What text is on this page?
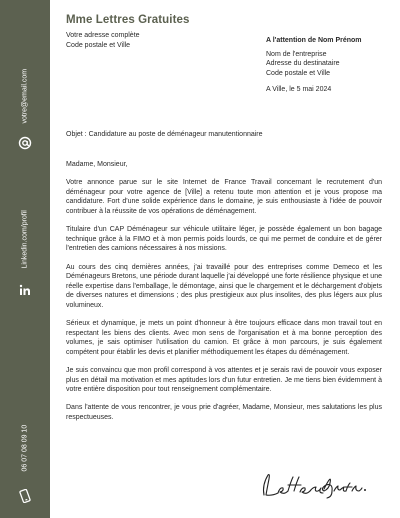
votre@email.com
Linkedin.com/profil
06 07 08 09 10
Mme Lettres Gratuites
Votre adresse complète
Code postale et Ville
A l'attention de Nom Prénom
Nom de l'entreprise
Adresse du destinataire
Code postale et Ville
A Ville, le 5 mai 2024
Objet : Candidature au poste de déménageur manutentionnaire

Madame, Monsieur,

Votre annonce parue sur le site Internet de France Travail concernant le recrutement d'un déménageur pour votre agence de [Ville] a retenu toute mon attention et je vous propose ma candidature. Fort d'une solide expérience dans le domaine, je suis enthousiaste à l'idée de pouvoir contribuer à la réussite de vos opérations de déménagement.

Titulaire d'un CAP Déménageur sur véhicule utilitaire léger, je possède également un bon bagage technique grâce à la FIMO et à mon permis poids lourds, ce qui me permet de conduire et de gérer l'entretien des camions nécessaires à nos missions.

Au cours des cinq dernières années, j'ai travaillé pour des entreprises comme Demeco et les Déménageurs Bretons, une période durant laquelle j'ai développé une forte résilience physique et une réelle expertise dans l'emballage, le démontage, ainsi que le chargement et le déchargement d'objets de diverses natures et dimensions ; des plus prestigieux aux plus insolites, des plus légers aux plus volumineux.

Sérieux et dynamique, je mets un point d'honneur à être toujours efficace dans mon travail tout en respectant les biens des clients. Avec mon sens de l'organisation et à ma bonne perception des volumes, je sais optimiser l'utilisation du camion. Et grâce à mon parcours, je suis également compétent pour établir les devis et planifier méthodiquement les étapes du déménagement.

Je suis convaincu que mon profil correspond à vos attentes et je serais ravi de pouvoir vous exposer plus en détail ma motivation et mes aptitudes lors d'un futur entretien. Je me tiens bien évidemment à votre entière disposition pour tout renseignement complémentaire.

Dans l'attente de vous rencontrer, je vous prie d'agréer, Madame, Monsieur, mes salutations les plus respectueuses.
